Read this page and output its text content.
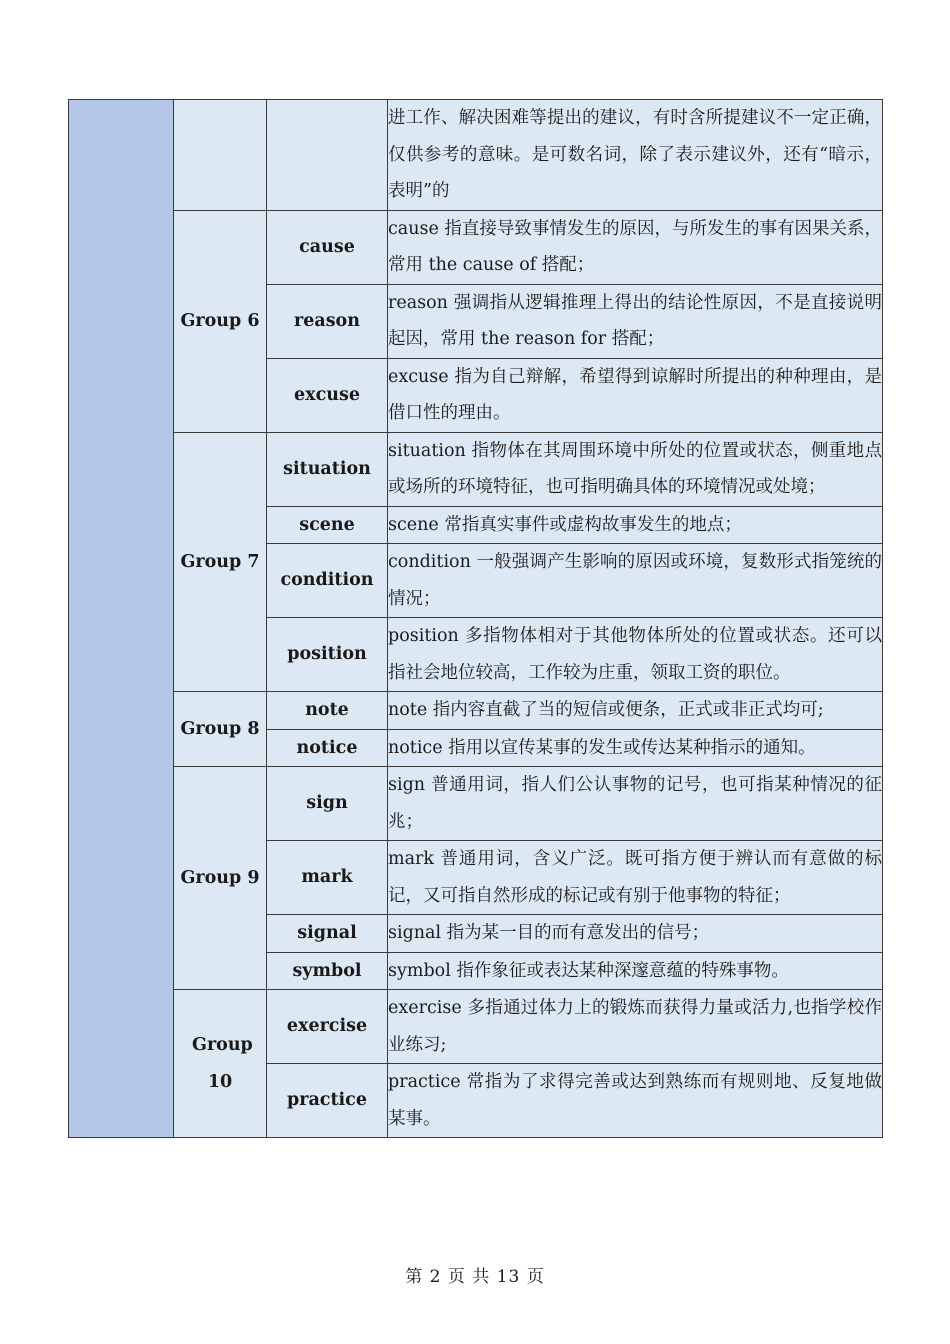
			进工作、解决困难等提出的建议，有时含所提建议不一定正确，仅供参考的意味。是可数名词，除了表示建议外，还有“暗示，表明”的
	Group 6	cause	cause 指直接导致事情发生的原因，与所发生的事有因果关系，常用 the cause of 搭配；
		reason	reason 强调指从逻辑推理上得出的结论性原因，不是直接说明起因，常用 the reason for 搭配；
		excuse	excuse 指为自己辩解，希望得到谅解时所提出的种种理由，是借口性的理由。
	Group 7	situation	situation 指物体在其周围环境中所处的位置或状态，侧重地点或场所的环境特征，也可指明确具体的环境情况或处境；
		scene	scene 常指真实事件或虚构故事发生的地点；
		condition	condition 一般强调产生影响的原因或环境，复数形式指笼统的情况；
		position	position 多指物体相对于其他物体所处的位置或状态。还可以指社会地位较高，工作较为庄重，领取工资的职位。
	Group 8	note	note 指内容直截了当的短信或便条，正式或非正式均可;
		notice	notice 指用以宣传某事的发生或传达某种指示的通知。
	Group 9	sign	sign 普通用词，指人们公认事物的记号，也可指某种情况的征兆；
		mark	mark 普通用词，含义广泛。既可指方便于辨认而有意做的标记，又可指自然形成的标记或有别于他事物的特征；
		signal	signal 指为某一目的而有意发出的信号；
		symbol	symbol 指作象征或表达某种深邃意蕴的特殊事物。
	Group 10	exercise	exercise 多指通过体力上的锻炼而获得力量或活力,也指学校作业练习;
		practice	practice 常指为了求得完善或达到熟练而有规则地、反复地做某事。
第 2 页 共 13 页
